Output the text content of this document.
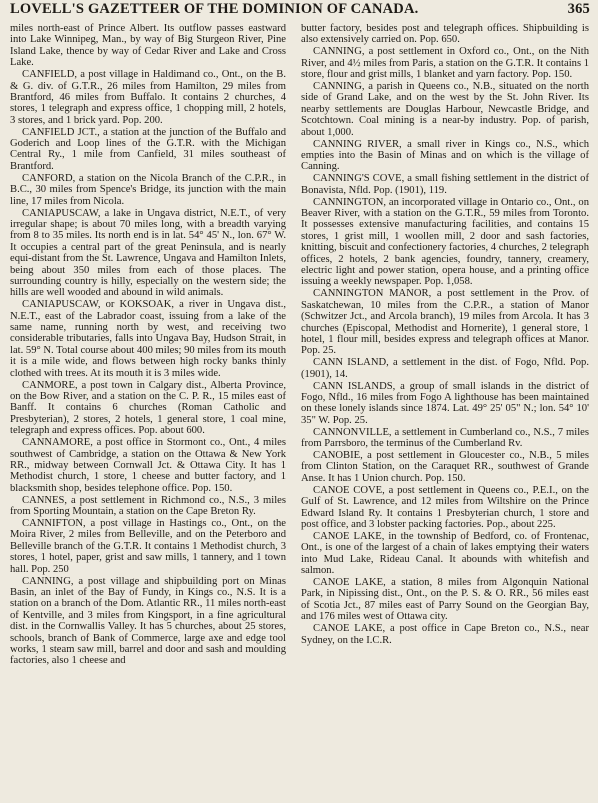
LOVELL'S GAZETTEER OF THE DOMINION OF CANADA.	365

miles north-east of Prince Albert. Its outflow passes eastward into Lake Winnipeg, Man., by way of Big Sturgeon River, Pine Island Lake, thence by way of Cedar River and Lake and Cross Lake.

CANFIELD, a post village in Haldimand co., Ont., on the B. & G. div. of G.T.R., 26 miles from Hamilton, 29 miles from Brantford, 46 miles from Buffalo. It contains 2 churches, 4 stores, 1 telegraph and express office, 1 chopping mill, 2 hotels, 3 stores, and 1 brick yard. Pop. 200.

CANFIELD JCT., a station at the junction of the Buffalo and Goderich and Loop lines of the G.T.R. with the Michigan Central Ry., 1 mile from Canfield, 31 miles southeast of Brantford.

CANFORD, a station on the Nicola Branch of the C.P.R., in B.C., 30 miles from Spence's Bridge, its junction with the main line, 17 miles from Nicola.

CANIAPUSCAW, a lake in Ungava district, N.E.T., of very irregular shape; is about 70 miles long, with a breadth varying from 8 to 35 miles. Its north end is in lat. 54° 45' N., lon. 67° W. It occupies a central part of the great Peninsula, and is nearly equi-distant from the St. Lawrence, Ungava and Hamilton Inlets, being about 350 miles from each of those places. The surrounding country is hilly, especially on the western side; the hills are well wooded and abound in wild animals.

CANIAPUSCAW, or KOKSOAK, a river in Ungava dist., N.E.T., east of the Labrador coast, issuing from a lake of the same name, running north by west, and receiving two considerable tributaries, falls into Ungava Bay, Hudson Strait, in lat. 59° N. Total course about 400 miles; 90 miles from its mouth it is a mile wide, and flows between high rocky banks thinly clothed with trees. At its mouth it is 3 miles wide.

CANMORE, a post town in Calgary dist., Alberta Province, on the Bow River, and a station on the C. P. R., 15 miles east of Banff. It contains 6 churches (Roman Catholic and Presbyterian), 2 stores, 2 hotels, 1 general store, 1 coal mine, telegraph and express offices. Pop. about 600.

CANNAMORE, a post office in Stormont co., Ont., 4 miles southwest of Cambridge, a station on the Ottawa & New York RR., midway between Cornwall Jct. & Ottawa City. It has 1 Methodist church, 1 store, 1 cheese and butter factory, and 1 blacksmith shop, besides telephone office. Pop. 150.

CANNES, a post settlement in Richmond co., N.S., 3 miles from Sporting Mountain, a station on the Cape Breton Ry.

CANNIFTON, a post village in Hastings co., Ont., on the Moira River, 2 miles from Belleville, and on the Peterboro and Belleville branch of the G.T.R. It contains 1 Methodist church, 3 stores, 1 hotel, paper, grist and saw mills, 1 tannery, and 1 town hall. Pop. 250

CANNING, a post village and shipbuilding port on Minas Basin, an inlet of the Bay of Fundy, in Kings co., N.S. It is a station on a branch of the Dom. Atlantic RR., 11 miles north-east of Kentville, and 3 miles from Kingsport, in a fine agricultural dist. in the Cornwallis Valley. It has 5 churches, about 25 stores, schools, branch of Bank of Commerce, large axe and edge tool works, 1 steam saw mill, barrel and door and sash and moulding factories, also 1 cheese and

butter factory, besides post and telegraph offices. Shipbuilding is also extensively carried on. Pop. 650.

CANNING, a post settlement in Oxford co., Ont., on the Nith River, and 4½ miles from Paris, a station on the G.T.R. It contains 1 store, flour and grist mills, 1 blanket and yarn factory. Pop. 150.

CANNING, a parish in Queens co., N.B., situated on the north side of Grand Lake, and on the west by the St. John River. Its nearby settlements are Douglas Harbour, Newcastle Bridge, and Scotchtown. Coal mining is a near-by industry. Pop. of parish, about 1,000.

CANNING RIVER, a small river in Kings co., N.S., which empties into the Basin of Minas and on which is the village of Canning.

CANNING'S COVE, a small fishing settlement in the district of Bonavista, Nfld. Pop. (1901), 119.

CANNINGTON, an incorporated village in Ontario co., Ont., on Beaver River, with a station on the G.T.R., 59 miles from Toronto. It possesses extensive manufacturing facilities, and contains 15 stores, 1 grist mill, 1 woollen mill, 2 door and sash factories, knitting, biscuit and confectionery factories, 4 churches, 2 telegraph offices, 2 hotels, 2 bank agencies, foundry, tannery, creamery, electric light and power station, opera house, and a printing office issuing a weekly newspaper. Pop. 1,058.

CANNINGTON MANOR, a post settlement in the Prov. of Saskatchewan, 10 miles from the C.P.R., a station of Manor (Schwitzer Jct., and Arcola branch), 19 miles from Arcola. It has 3 churches (Episcopal, Methodist and Hornerite), 1 general store, 1 hotel, 1 flour mill, besides express and telegraph offices at Manor. Pop. 25.

CANN ISLAND, a settlement in the dist. of Fogo, Nfld. Pop. (1901), 14.

CANN ISLANDS, a group of small islands in the district of Fogo, Nfld., 16 miles from Fogo A lighthouse has been maintained on these lonely islands since 1874. Lat. 49° 25' 05" N.; lon. 54° 10' 35" W. Pop. 25.

CANNONVILLE, a settlement in Cumberland co., N.S., 7 miles from Parrsboro, the terminus of the Cumberland Rv.

CANOBIE, a post settlement in Gloucester co., N.B., 5 miles from Clinton Station, on the Caraquet RR., southwest of Grande Anse. It has 1 Union church. Pop. 150.

CANOE COVE, a post settlement in Queens co., P.E.I., on the Gulf of St. Lawrence, and 12 miles from Wiltshire on the Prince Edward Island Ry. It contains 1 Presbyterian church, 1 store and post office, and 3 lobster packing factories. Pop., about 225.

CANOE LAKE, in the township of Bedford, co. of Frontenac, Ont., is one of the largest of a chain of lakes emptying their waters into Mud Lake, Rideau Canal. It abounds with whitefish and salmon.

CANOE LAKE, a station, 8 miles from Algonquin National Park, in Nipissing dist., Ont., on the P. S. & O. RR., 56 miles east of Scotia Jct., 87 miles east of Parry Sound on the Georgian Bay, and 176 miles west of Ottawa city.

CANOE LAKE, a post office in Cape Breton co., N.S., near Sydney, on the I.C.R.
